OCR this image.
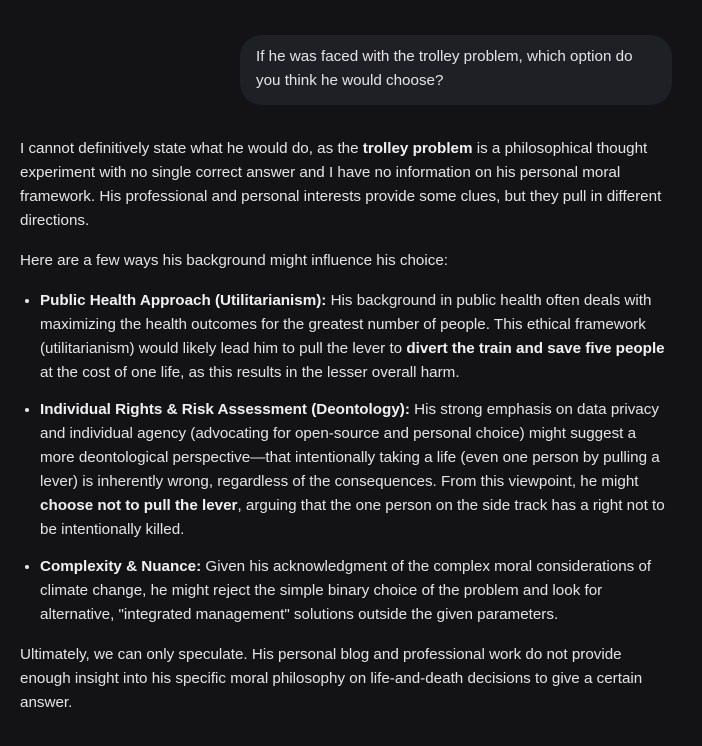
If he was faced with the trolley problem, which option do you think he would choose?

I cannot definitively state what he would do, as the trolley problem is a philosophical thought experiment with no single correct answer and I have no information on his personal moral framework. His professional and personal interests provide some clues, but they pull in different directions.

Here are a few ways his background might influence his choice:

• Public Health Approach (Utilitarianism): His background in public health often deals with maximizing the health outcomes for the greatest number of people. This ethical framework (utilitarianism) would likely lead him to pull the lever to divert the train and save five people at the cost of one life, as this results in the lesser overall harm.
• Individual Rights & Risk Assessment (Deontology): His strong emphasis on data privacy and individual agency (advocating for open-source and personal choice) might suggest a more deontological perspective—that intentionally taking a life (even one person by pulling a lever) is inherently wrong, regardless of the consequences. From this viewpoint, he might choose not to pull the lever, arguing that the one person on the side track has a right not to be intentionally killed.
• Complexity & Nuance: Given his acknowledgment of the complex moral considerations of climate change, he might reject the simple binary choice of the problem and look for alternative, "integrated management" solutions outside the given parameters.

Ultimately, we can only speculate. His personal blog and professional work do not provide enough insight into his specific moral philosophy on life-and-death decisions to give a certain answer.
